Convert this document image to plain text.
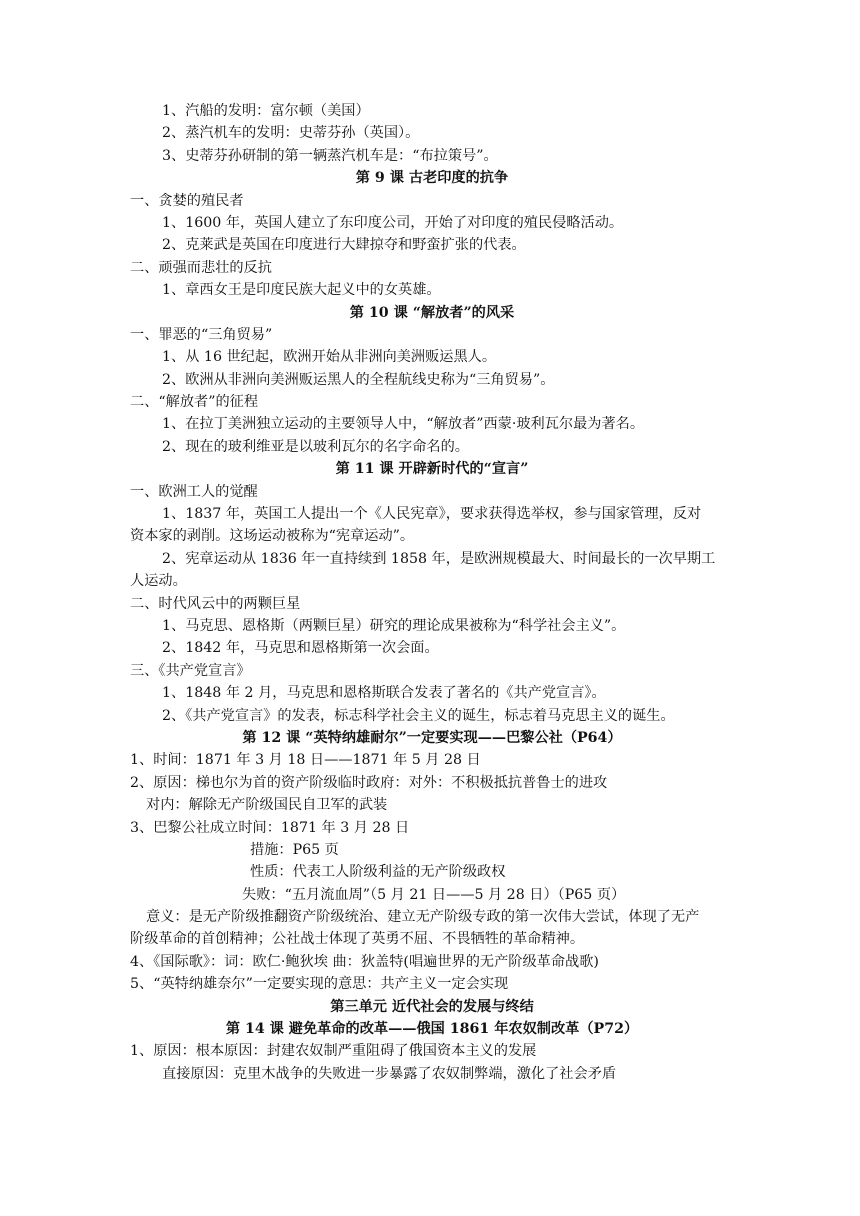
1、汽船的发明：富尔顿（美国）
2、蒸汽机车的发明：史蒂芬孙（英国）。
3、史蒂芬孙研制的第一辆蒸汽机车是：“布拉策号”。
第 9 课 古老印度的抗争
一、贪婪的殖民者
1、1600 年，英国人建立了东印度公司，开始了对印度的殖民侵略活动。
2、克莱武是英国在印度进行大肆掠夺和野蛮扩张的代表。
二、顽强而悲壮的反抗
1、章西女王是印度民族大起义中的女英雄。
第 10 课 “解放者”的风采
一、罪恶的“三角贸易”
1、从 16 世纪起，欧洲开始从非洲向美洲贩运黑人。
2、欧洲从非洲向美洲贩运黑人的全程航线史称为“三角贸易”。
二、“解放者”的征程
1、在拉丁美洲独立运动的主要领导人中，“解放者”西蒙·玻利瓦尔最为著名。
2、现在的玻利维亚是以玻利瓦尔的名字命名的。
第 11 课 开辟新时代的“宣言”
一、欧洲工人的觉醒
1、1837 年，英国工人提出一个《人民宪章》，要求获得选举权，参与国家管理，反对
资本家的剥削。这场运动被称为“宪章运动”。
2、宪章运动从 1836 年一直持续到 1858 年，是欧洲规模最大、时间最长的一次早期工
人运动。
二、时代风云中的两颗巨星
1、马克思、恩格斯（两颗巨星）研究的理论成果被称为“科学社会主义”。
2、1842 年，马克思和恩格斯第一次会面。
三、《共产党宣言》
1、1848 年 2 月，马克思和恩格斯联合发表了著名的《共产党宣言》。
2、《共产党宣言》的发表，标志科学社会主义的诞生，标志着马克思主义的诞生。
第 12 课 “英特纳雄耐尔”一定要实现——巴黎公社（P64）
1、时间：1871 年 3 月 18 日——1871 年 5 月 28 日
2、原因：梯也尔为首的资产阶级临时政府：对外：不积极抵抗普鲁士的进攻
对内：解除无产阶级国民自卫军的武装
3、巴黎公社成立时间：1871 年 3 月 28 日
措施：P65 页
性质：代表工人阶级利益的无产阶级政权
失败：“五月流血周”（5 月 21 日——5 月 28 日）（P65 页）
意义：是无产阶级推翻资产阶级统治、建立无产阶级专政的第一次伟大尝试，体现了无产
阶级革命的首创精神；公社战士体现了英勇不屈、不畏牺牲的革命精神。
4、《国际歌》：词：欧仁·鲍狄埃 曲：狄盖特(唱遍世界的无产阶级革命战歌)
5、“英特纳雄奈尔”一定要实现的意思：共产主义一定会实现
第三单元 近代社会的发展与终结
第 14 课 避免革命的改革——俄国 1861 年农奴制改革（P72）
1、原因：根本原因：封建农奴制严重阻碍了俄国资本主义的发展
直接原因：克里木战争的失败进一步暴露了农奴制弊端，激化了社会矛盾
